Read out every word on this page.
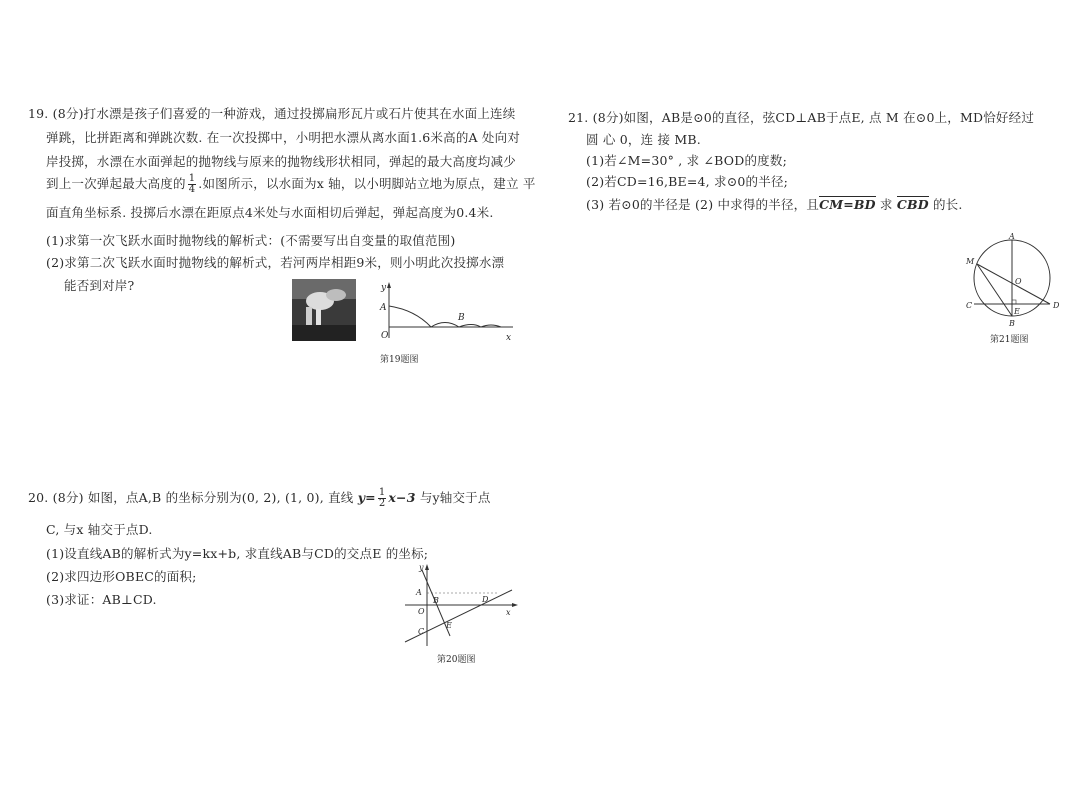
19. (8分)打水漂是孩子们喜爱的一种游戏，通过投掷扁形瓦片或石片使其在水面上连续
弹跳，比拼距离和弹跳次数. 在一次投掷中，小明把水漂从离水面1.6米高的A 处向对
岸投掷，水漂在水面弹起的抛物线与原来的抛物线形状相同，弹起的最大高度均减少
到上一次弹起最大高度的 $\frac{1}{4}$ .如图所示，以水面为x 轴，以小明脚站立地为原点，建立 平
面直角坐标系. 投掷后水漂在距原点4米处与水面相切后弹起，弹起高度为0.4米.
(1)求第一次飞跃水面时抛物线的解析式：(不需要写出自变量的取值范围)
(2)求第二次飞跃水面时抛物线的解析式，若河两岸相距9米，则小明此次投掷水漂
能否到对岸?	y
x
A
B
O
第19题图
20. (8分) 如图，点A,B 的坐标分别为(0, 2), (1, 0), 直线 $y= \frac{1}{2} x-3$ 与y轴交于点
C, 与x 轴交于点D.
(1)设直线AB的解析式为y=kx+b, 求直线AB与CD的交点E 的坐标;
(2)求四边形OBEC的面积;
(3)求证：AB⊥CD.
y
x
A
B
O
C
D
E
第20题图
21. (8分)如图，AB是⊙0的直径，弦CD⊥AB于点E, 点 M 在⊙0上，MD恰好经过
圆 心 0，连 接 MB.
(1)若∠M=30° , 求 ∠BOD的度数;
(2)若CD=16,BE=4, 求⊙0的半径;
(3) 若⊙0的半径是 (2) 中求得的半径，且CM=BD 求 CBD 的长.
A
B
C	D
E
M
O
第21题图
